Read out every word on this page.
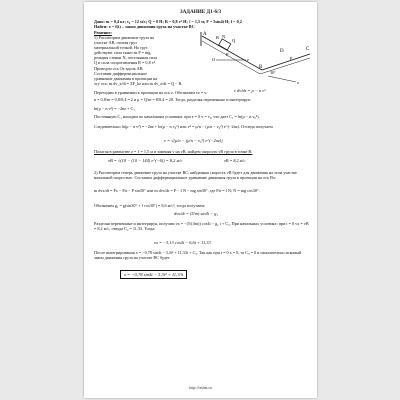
ЗАДАНИЕ Д1-6/3
Дано: m = 0,4 кг; v₀ = 12 м/с; Q = 8 Н; R = 0,8 v² Н; ℓ = 1,5 м; F = 5sin4t Н; f = 0,2
Найти: x = f(t) – закон движения груза на участке ВС
Решение:

1) Рассмотрим движение груза на

участке АВ, считая груз

материальной точкой. На груз

действуют сила тяжести P = mg,

реакция стенки N, постоянная сила

Q и сила сопротивления R = 0,8 v².

Проведем ось Oz вдоль АВ.

Составим дифференциальное

уравнение движения в проекции на

эту ось: m dv_z/dt = ΣF_kz или m dv_z/dt = Q − R.

A
B
C
D
z
x
O
Q
R
P
N
F
30°

Переходим в уравнении к проекции на ось z. Обозначим vz = v:	v dv/dz = μ − n v²

n = 0,8/m = 0,8/0,4 = 2 и μ = Q/m = 8/0,4 = 20. Тогда, разделяя переменные и интегрируя:

ln(μ − n v²) = −2nz + C₁

Постоянную C₁ находим по начальным условиям: при z = 0 v = v₀, что дает C₁ = ln(μ − n v₀²).

Следовательно ln(μ − n v²) = −2nz + ln(μ − n v₀²) или v² = μ/n − (μ/n − v₀²) e^(−2nz). Отсюда получаем

v = √(μ/n − (μ/n − v₀²) e^(−2nz))

Полагая в равенстве z = ℓ = 1,5 м и заменяя v на vB, найдем скорость vB груза в точке B:

vB = √(10 − (10 − 144) e^(−6)) = 8,2 м/с	vB = 8,2 м/с

2) Рассмотрим теперь движение груза на участке ВС; найденная скорость vB будет для движения на этом участке начальной скоростью. Составим дифференциальное уравнение движения груза в проекции на ось Bx:

m dvx/dt = Fx − Ftr − P sin30° или m dvx/dt = F − f N − mg sin30°, где Ftr = f N; N = mg cos30°.

Обозначим g₁ = g(sin30° + f cos30°) = 6,6 м/с², тогда получаем:

dvx/dt = (5/m) sin4t − g₁

Разделяя переменные и интегрируя, получим vx = −(5/(4m)) cos4t − g₁ t + C₂. При начальных условиях: при t = 0 vx = vB = 8,2 м/с, откуда C₂ = 11,33. Тогда:

vx = −3,13 cos4t − 6,6t + 11,33

После интегрирования x = −0,78 sin4t − 3,3t² + 11,33t + C₃. Так как при t = 0 x = 0, то C₃ = 0 и окончательно искомый закон движения груза на участке ВС будет

x = −0,78 sin4t − 3,3t² + 11,33t
http://reshat.ru
